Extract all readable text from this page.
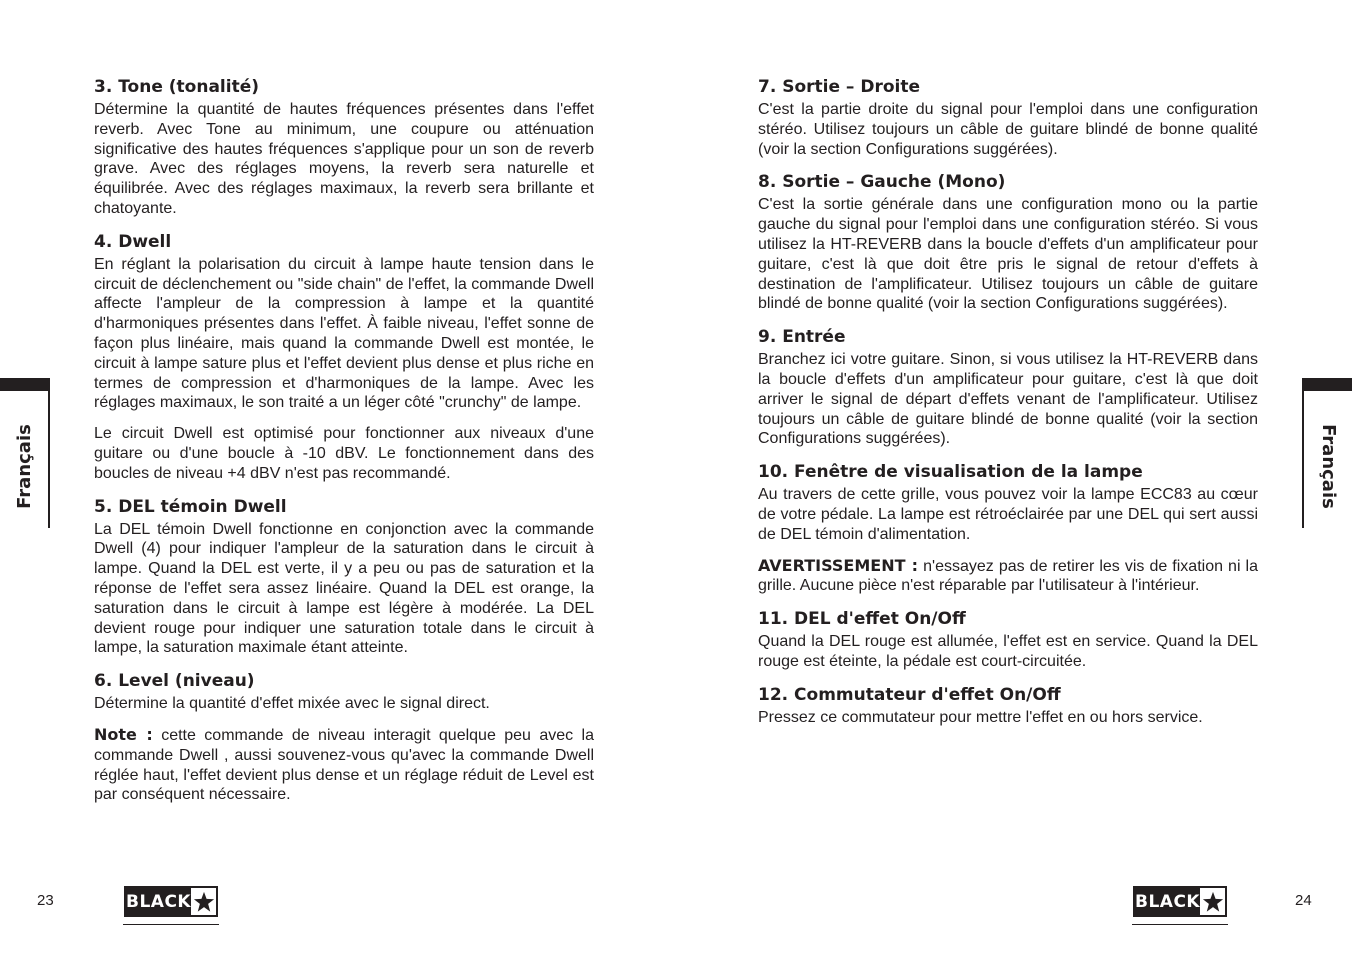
3. Tone (tonalité)

Détermine la quantité de hautes fréquences présentes dans l'effet reverb. Avec Tone au minimum, une coupure ou atténuation significative des hautes fréquences s'applique pour un son de reverb grave. Avec des réglages moyens, la reverb sera naturelle et équilibrée. Avec des réglages maximaux, la reverb sera brillante et chatoyante.

4. Dwell

En réglant la polarisation du circuit à lampe haute tension dans le circuit de déclenchement ou "side chain" de l'effet, la commande Dwell affecte l'ampleur de la compression à lampe et la quantité d'harmoniques présentes dans l'effet. À faible niveau, l'effet sonne de façon plus linéaire, mais quand la commande Dwell est montée, le circuit à lampe sature plus et l'effet devient plus dense et plus riche en termes de compression et d'harmoniques de la lampe. Avec les réglages maximaux, le son traité a un léger côté "crunchy" de lampe.

Le circuit Dwell est optimisé pour fonctionner aux niveaux d'une guitare ou d'une boucle à -10 dBV. Le fonctionnement dans des boucles de niveau +4 dBV n'est pas recommandé.

5. DEL témoin Dwell

La DEL témoin Dwell fonctionne en conjonction avec la commande Dwell (4) pour indiquer l'ampleur de la saturation dans le circuit à lampe. Quand la DEL est verte, il y a peu ou pas de saturation et la réponse de l'effet sera assez linéaire. Quand la DEL est orange, la saturation dans le circuit à lampe est légère à modérée. La DEL devient rouge pour indiquer une saturation totale dans le circuit à lampe, la saturation maximale étant atteinte.

6. Level (niveau)

Détermine la quantité d'effet mixée avec le signal direct.

Note : cette commande de niveau interagit quelque peu avec la commande Dwell , aussi souvenez-vous qu'avec la commande Dwell réglée haut, l'effet devient plus dense et un réglage réduit de Level est par conséquent nécessaire.

Français
23	BLACK
7. Sortie – Droite

C'est la partie droite du signal pour l'emploi dans une configuration stéréo. Utilisez toujours un câble de guitare blindé de bonne qualité (voir la section Configurations suggérées).

8. Sortie – Gauche (Mono)

C'est la sortie générale dans une configuration mono ou la partie gauche du signal pour l'emploi dans une configuration stéréo. Si vous utilisez la HT-REVERB dans la boucle d'effets d'un amplificateur pour guitare, c'est là que doit être pris le signal de retour d'effets à destination de l'amplificateur. Utilisez toujours un câble de guitare blindé de bonne qualité (voir la section Configurations suggérées).

9. Entrée

Branchez ici votre guitare. Sinon, si vous utilisez la HT-REVERB dans la boucle d'effets d'un amplificateur pour guitare, c'est là que doit arriver le signal de départ d'effets venant de l'amplificateur. Utilisez toujours un câble de guitare blindé de bonne qualité (voir la section Configurations suggérées).

10. Fenêtre de visualisation de la lampe

Au travers de cette grille, vous pouvez voir la lampe ECC83 au cœur de votre pédale. La lampe est rétroéclairée par une DEL qui sert aussi de DEL témoin d'alimentation.

AVERTISSEMENT : n'essayez pas de retirer les vis de fixation ni la grille. Aucune pièce n'est réparable par l'utilisateur à l'intérieur.

11. DEL d'effet On/Off

Quand la DEL rouge est allumée, l'effet est en service. Quand la DEL rouge est éteinte, la pédale est court-circuitée.

12. Commutateur d'effet On/Off

Pressez ce commutateur pour mettre l'effet en ou hors service.

Français
24
BLACK
